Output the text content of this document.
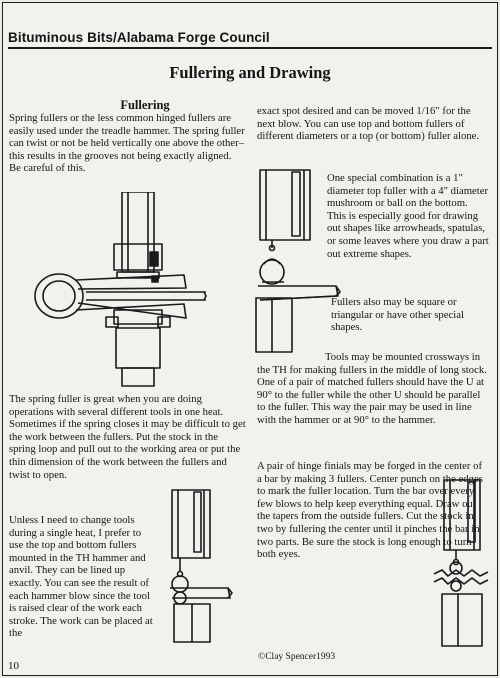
Bituminous Bits/Alabama Forge Council
Fullering and Drawing
Fullering

Spring fullers or the less common hinged fullers are easily used under the treadle hammer. The spring fuller can twist or not be held vertically one above the other–this results in the grooves not being exactly aligned. Be careful of this.

The spring fuller is great when you are doing operations with several different tools in one heat. Sometimes if the spring closes it may be difficult to get the work between the fullers. Put the stock in the spring loop and pull out to the working area or put the thin dimension of the work between the fullers and twist to open.

Unless I need to change tools during a single heat, I prefer to use the top and bottom fullers mounted in the TH hammer and anvil. They can be lined up exactly. You can see the result of each hammer blow since the tool is raised clear of the work each stroke. The work can be placed at the

exact spot desired and can be moved 1/16" for the next blow. You can use top and bottom fullers of different diameters or a top (or bottom) fuller alone.

One special combination is a 1" diameter top fuller with a 4" diameter mushroom or ball on the bottom. This is especially good for drawing out shapes like arrowheads, spatulas, or some leaves where you draw a part out extreme shapes.

Fullers also may be square or triangular or have other special shapes.

Tools may be mounted crossways in the TH for making fullers in the middle of long stock. One of a pair of matched fullers should have the U at 90° to the fuller while the other U should be parallel to the fuller. This way the pair may be used in line with the hammer or at 90° to the hammer.

A pair of hinge finials may be forged in the center of a bar by making 3 fullers. Center punch on the edges to mark the fuller location. Turn the bar over every few blows to help keep everything equal. Draw out the tapers from the outside fullers. Cut the stock in two by fullering the center until it pinches the bar in two parts. Be sure the stock is long enough to turn both eyes.

10
©Clay Spencer1993
